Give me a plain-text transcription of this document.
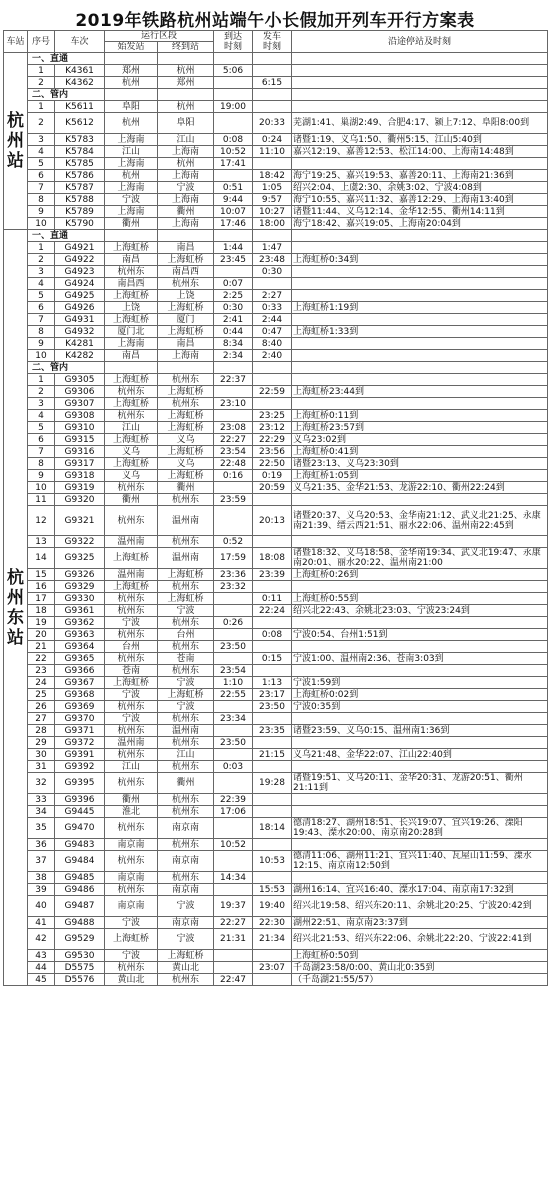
2019年铁路杭州站端午小长假加开列车开行方案表
车站	序号	车次	运行区段		到达时刻	发车时刻	沿途停站及时刻
			始发站	终到站			

杭州站	一、直通						
	1	K4361	郑州	杭州	5:06		
	2	K4362	杭州	郑州		6:15	
	二、管内						
	1	K5611	阜阳	杭州	19:00		
	2	K5612	杭州	阜阳		20:33	芜湖1:41、巢湖2:49、合肥4:17、颍上7:12、阜阳8:00到
	3	K5783	上海南	江山	0:08	0:24	诸暨1:19、义乌1:50、衢州5:15、江山5:40到
	4	K5784	江山	上海南	10:52	11:10	嘉兴12:19、嘉善12:53、松江14:00、上海南14:48到
	5	K5785	上海南	杭州	17:41		
	6	K5786	杭州	上海南		18:42	海宁19:25、嘉兴19:53、嘉善20:11、上海南21:36到
	7	K5787	上海南	宁波	0:51	1:05	绍兴2:04、上虞2:30、余姚3:02、宁波4:08到
	8	K5788	宁波	上海南	9:44	9:57	海宁10:55、嘉兴11:32、嘉善12:29、上海南13:40到
	9	K5789	上海南	衢州	10:07	10:27	诸暨11:44、义乌12:14、金华12:55、衢州14:11到
	10	K5790	衢州	上海南	17:46	18:00	海宁18:42、嘉兴19:05、上海南20:04到

杭州东站	一、直通						
	1	G4921	上海虹桥	南昌	1:44	1:47	
	2	G4922	南昌	上海虹桥	23:45	23:48	上海虹桥0:34到
	3	G4923	杭州东	南昌西		0:30	
	4	G4924	南昌西	杭州东	0:07		
	5	G4925	上海虹桥	上饶	2:25	2:27	
	6	G4926	上饶	上海虹桥	0:30	0:33	上海虹桥1:19到
	7	G4931	上海虹桥	厦门	2:41	2:44	
	8	G4932	厦门北	上海虹桥	0:44	0:47	上海虹桥1:33到
	9	K4281	上海南	南昌	8:34	8:40	
	10	K4282	南昌	上海南	2:34	2:40	
	二、管内						
	1	G9305	上海虹桥	杭州东	22:37		
	2	G9306	杭州东	上海虹桥		22:59	上海虹桥23:44到
	3	G9307	上海虹桥	杭州东	23:10		
	4	G9308	杭州东	上海虹桥		23:25	上海虹桥0:11到
	5	G9310	江山	上海虹桥	23:08	23:12	上海虹桥23:57到
	6	G9315	上海虹桥	义乌	22:27	22:29	义乌23:02到
	7	G9316	义乌	上海虹桥	23:54	23:56	上海虹桥0:41到
	8	G9317	上海虹桥	义乌	22:48	22:50	诸暨23:13、义乌23:30到
	9	G9318	义乌	上海虹桥	0:16	0:19	上海虹桥1:05到
	10	G9319	杭州东	衢州		20:59	义乌21:35、金华21:53、龙游22:10、衢州22:24到
	11	G9320	衢州	杭州东	23:59		
	12	G9321	杭州东	温州南		20:13	诸暨20:37、义乌20:53、金华南21:12、武义北21:25、永康南21:39、缙云西21:51、丽水22:06、温州南22:45到
	13	G9322	温州南	杭州东	0:52		
	14	G9325	上海虹桥	温州南	17:59	18:08	诸暨18:32、义乌18:58、金华南19:34、武义北19:47、永康南20:01、丽水20:22、温州南21:00
	15	G9326	温州南	上海虹桥	23:36	23:39	上海虹桥0:26到
	16	G9329	上海虹桥	杭州东	23:32		
	17	G9330	杭州东	上海虹桥		0:11	上海虹桥0:55到
	18	G9361	杭州东	宁波		22:24	绍兴北22:43、余姚北23:03、宁波23:24到
	19	G9362	宁波	杭州东	0:26		
	20	G9363	杭州东	台州		0:08	宁波0:54、台州1:51到
	21	G9364	台州	杭州东	23:50		
	22	G9365	杭州东	苍南		0:15	宁波1:00、温州南2:36、苍南3:03到
	23	G9366	苍南	杭州东	23:54		
	24	G9367	上海虹桥	宁波	1:10	1:13	宁波1:59到
	25	G9368	宁波	上海虹桥	22:55	23:17	上海虹桥0:02到
	26	G9369	杭州东	宁波		23:50	宁波0:35到
	27	G9370	宁波	杭州东	23:34		
	28	G9371	杭州东	温州南		23:35	诸暨23:59、义乌0:15、温州南1:36到
	29	G9372	温州南	杭州东	23:50		
	30	G9391	杭州东	江山		21:15	义乌21:48、金华22:07、江山22:40到
	31	G9392	江山	杭州东	0:03		
	32	G9395	杭州东	衢州		19:28	诸暨19:51、义乌20:11、金华20:31、龙游20:51、衢州21:11到
	33	G9396	衢州	杭州东	22:39		
	34	G9445	淮北	杭州东	17:06		
	35	G9470	杭州东	南京南		18:14	德清18:27、湖州18:51、长兴19:07、宜兴19:26、溧阳19:43、溧水20:00、南京南20:28到
	36	G9483	南京南	杭州东	10:52		
	37	G9484	杭州东	南京南		10:53	德清11:06、湖州11:21、宜兴11:40、瓦屋山11:59、溧水12:15、南京南12:50到
	38	G9485	南京南	杭州东	14:34		
	39	G9486	杭州东	南京南		15:53	湖州16:14、宜兴16:40、溧水17:04、南京南17:32到
	40	G9487	南京南	宁波	19:37	19:40	绍兴北19:58、绍兴东20:11、余姚北20:25、宁波20:42到
	41	G9488	宁波	南京南	22:27	22:30	湖州22:51、南京南23:37到
	42	G9529	上海虹桥	宁波	21:31	21:34	绍兴北21:53、绍兴东22:06、余姚北22:20、宁波22:41到
	43	G9530	宁波	上海虹桥			上海虹桥0:50到
	44	D5575	杭州东	黄山北		23:07	千岛湖23:58/0:00、黄山北0:35到
	45	D5576	黄山北	杭州东	22:47		（千岛湖21:55/57）
